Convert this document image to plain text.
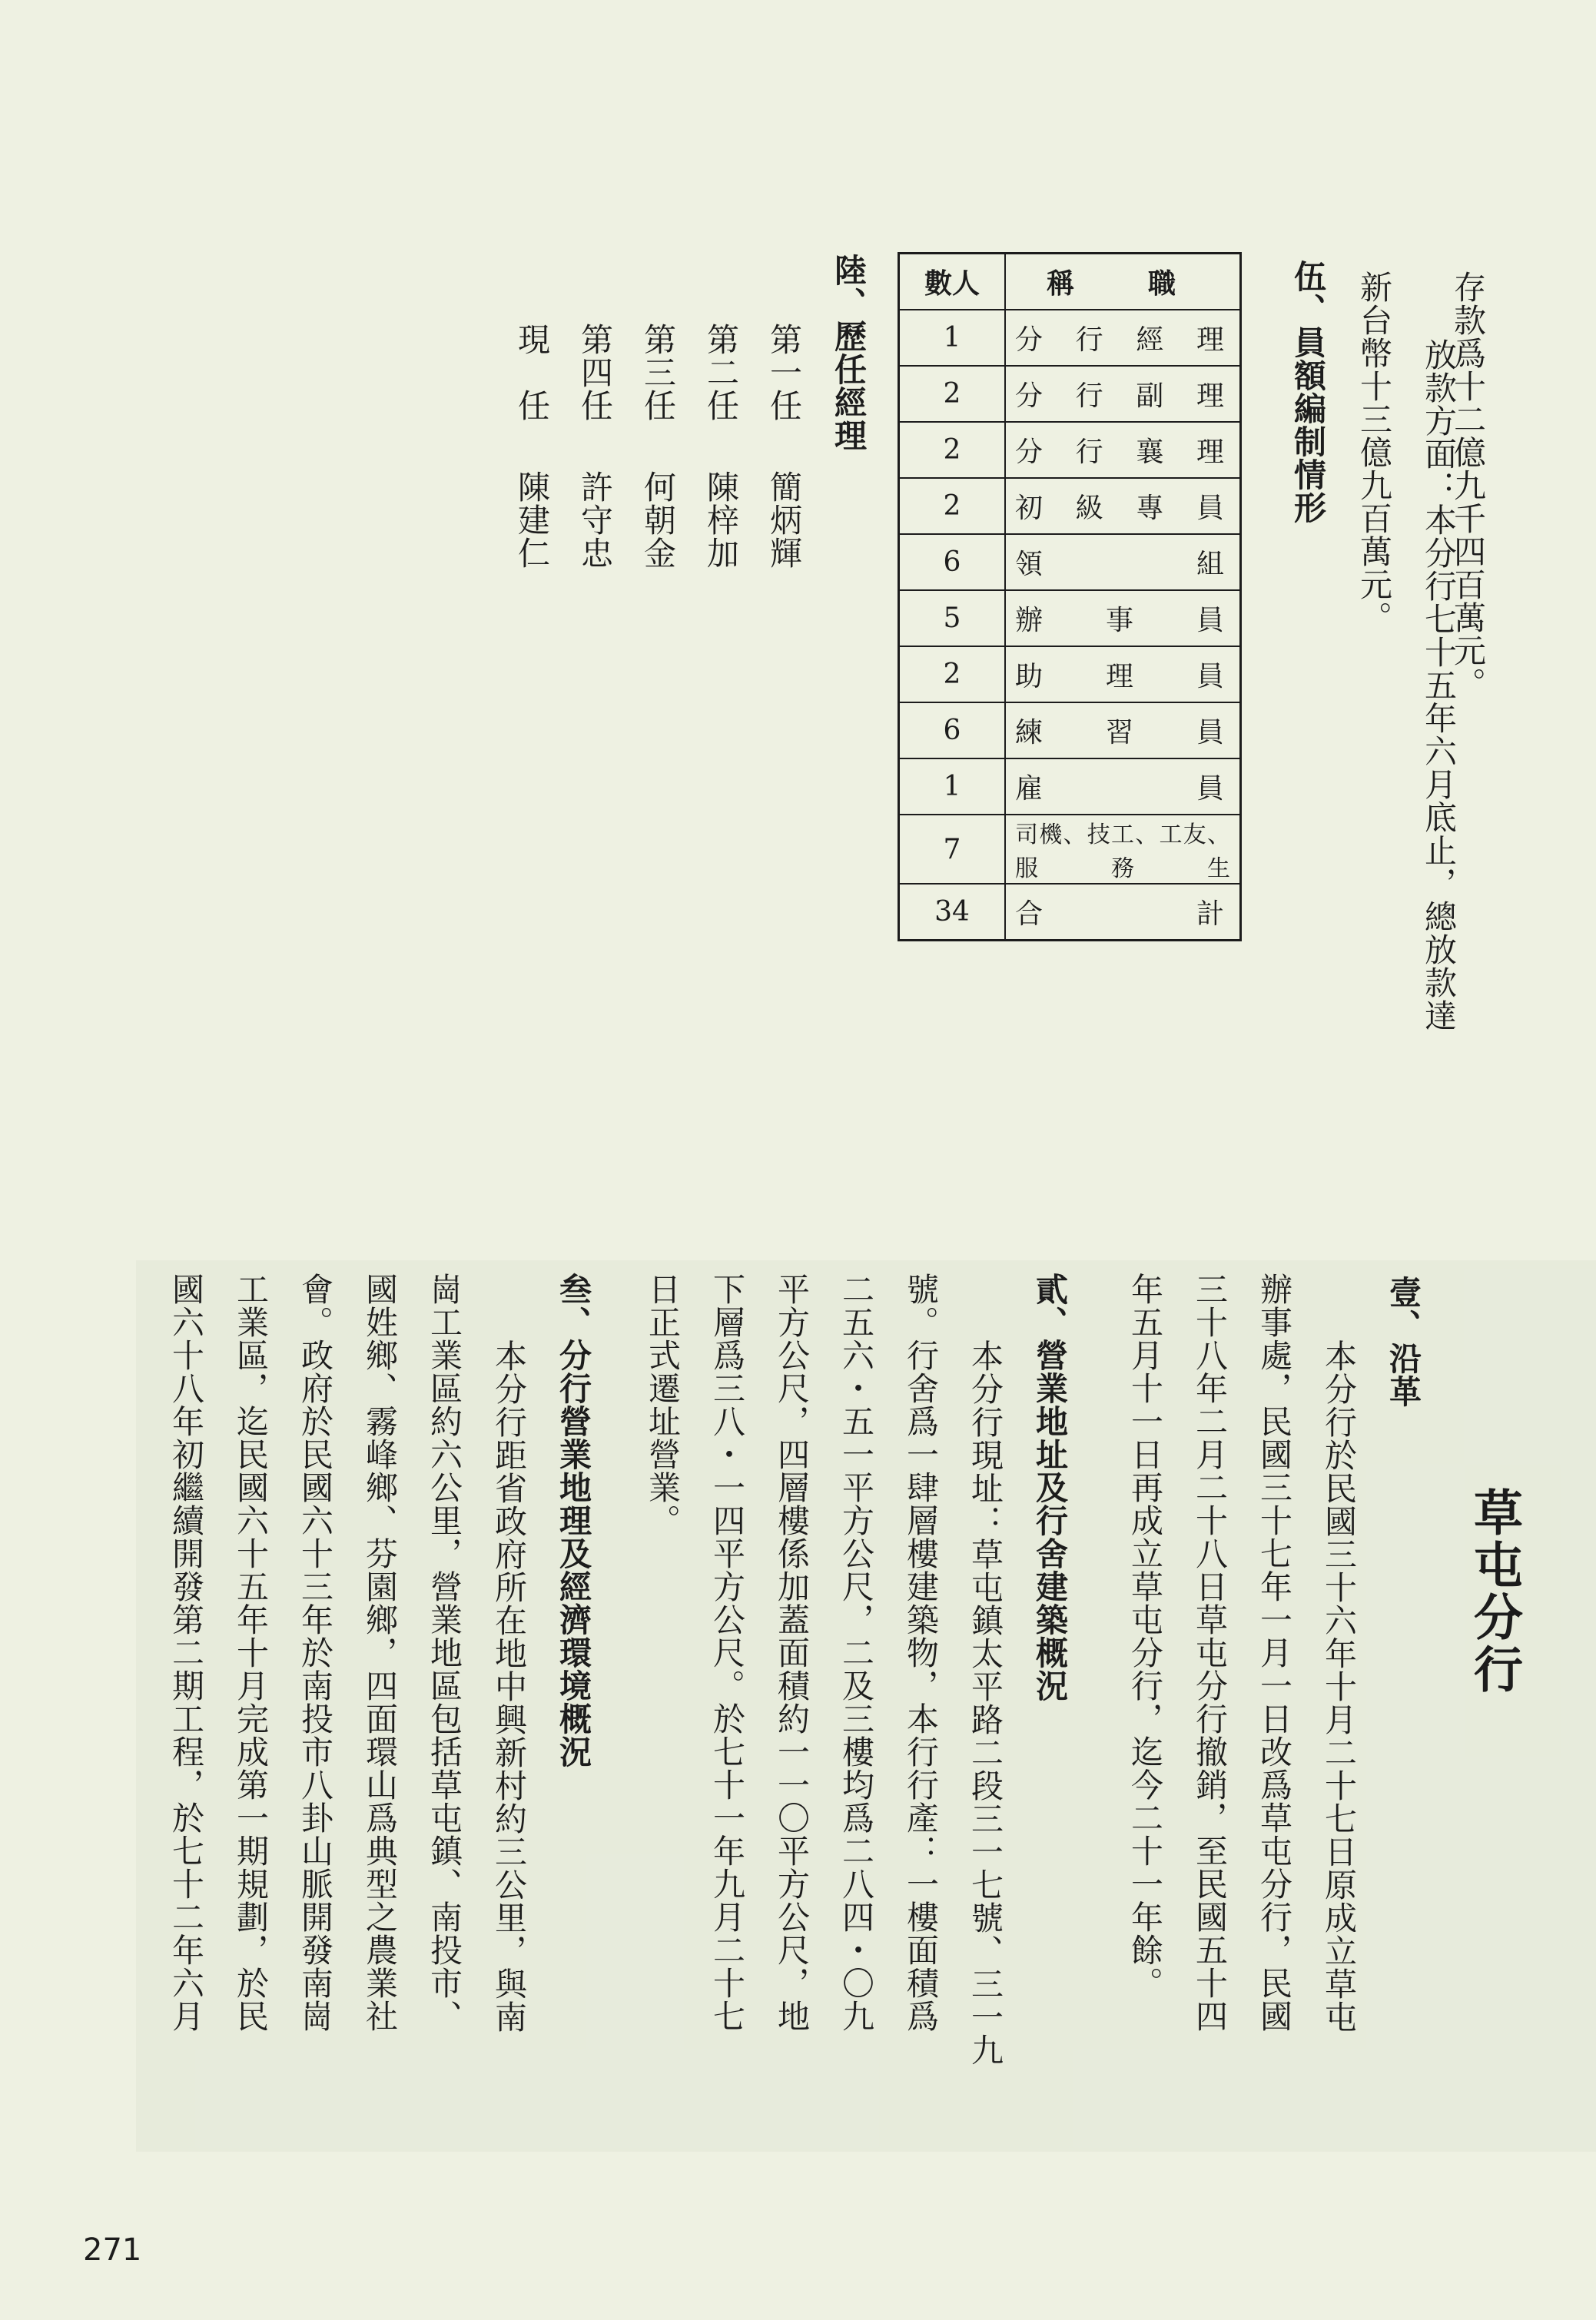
存款爲十二億九千四百萬元。
放款方面：本分行七十五年六月底止，總放款達
新台幣十三億九百萬元。
伍、員額編制情形
數人	稱　職
1	分行經理
2	分行副理
2	分行襄理
2	初級專員
6	領組
5	辦事員
2	助理員
6	練習員
1	雇員
7	司機、技工、工友、服務生
34	合計
陸、歷任經理
第一任
簡炳輝
第二任
陳梓加
第三任
何朝金
第四任
許守忠
現　任
陳建仁
草屯分行
壹、沿革
　本分行於民國三十六年十月二十七日原成立草屯
辦事處，民國三十七年一月一日改爲草屯分行，民國
三十八年二月二十八日草屯分行撤銷，至民國五十四
年五月十一日再成立草屯分行，迄今二十一年餘。
貳、營業地址及行舍建築概況
　本分行現址：草屯鎮太平路二段三一七號、三一九
號。行舍爲一肆層樓建築物，本行行產：一樓面積爲
二五六・五一平方公尺，二及三樓均爲二八四・〇九
平方公尺，四層樓係加蓋面積約一一〇平方公尺，地
下層爲三八・一四平方公尺。於七十一年九月二十七
日正式遷址營業。
叁、分行營業地理及經濟環境概況
　本分行距省政府所在地中興新村約三公里，與南
崗工業區約六公里，營業地區包括草屯鎮、南投市、
國姓鄉、霧峰鄉、芬園鄉，四面環山爲典型之農業社
會。政府於民國六十三年於南投市八卦山脈開發南崗
工業區，迄民國六十五年十月完成第一期規劃，於民
國六十八年初繼續開發第二期工程，於七十二年六月
271
